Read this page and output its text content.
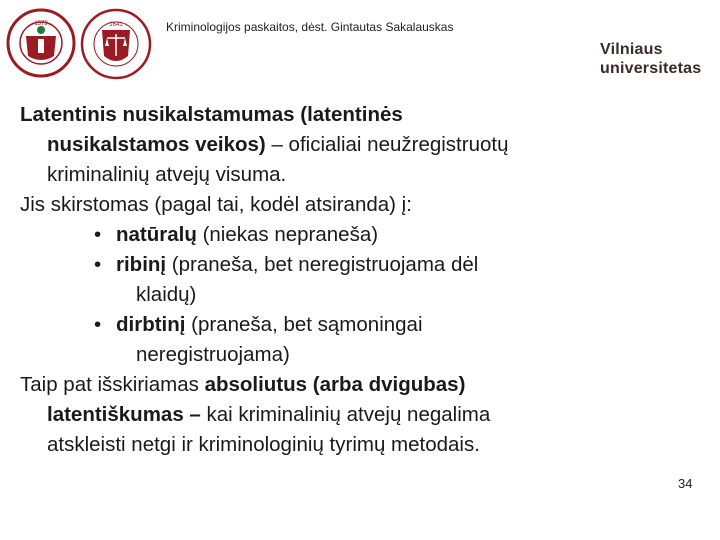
1579	1641	Kriminologijos paskaitos, dėst. Gintautas Sakalauskas
Vilniaus
universitetas

Latentinis nusikalstamumas (latentinės
nusikalstamos veikos) – oficialiai neužregistruotų
kriminalinių atvejų visuma.

Jis skirstomas (pagal tai, kodėl atsiranda) į:

• natūralų (niekas nepraneša)
• ribinį (praneša, bet neregistruojama dėl
klaidų)
• dirbtinį (praneša, bet sąmoningai
neregistruojama)

Taip pat išskiriamas absoliutus (arba dvigubas)
latentiškumas – kai kriminalinių atvejų negalima
atskleisti netgi ir kriminologinių tyrimų metodais.

34
